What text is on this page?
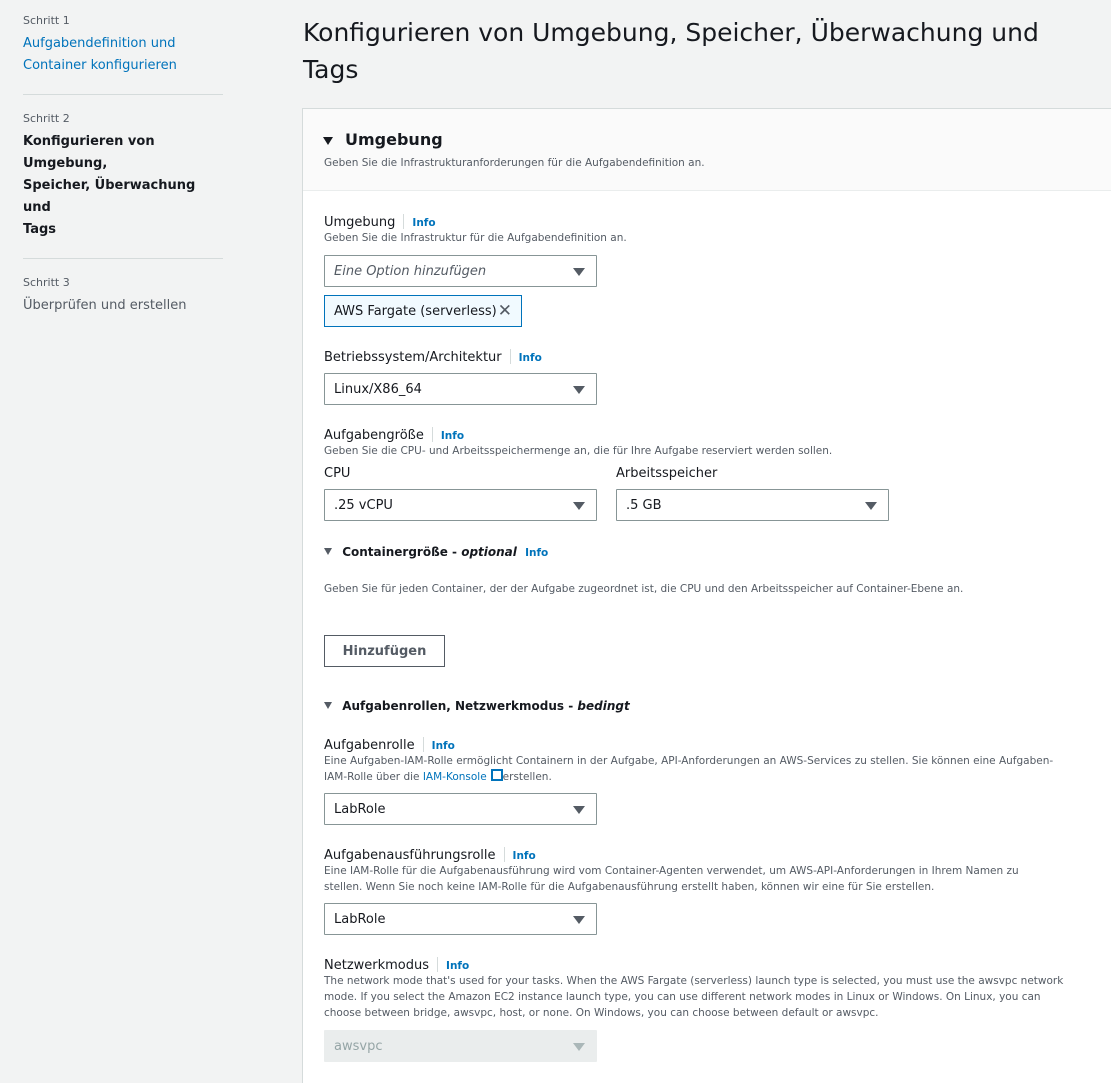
Schritt 1
Aufgabendefinition und
Container konfigurieren
Schritt 2
Konfigurieren von Umgebung,
Speicher, Überwachung und
Tags
Schritt 3
Überprüfen und erstellen
Konfigurieren von Umgebung, Speicher, Überwachung und
Tags
Umgebung
Geben Sie die Infrastrukturanforderungen für die Aufgabendefinition an.
Umgebung Info
Geben Sie die Infrastruktur für die Aufgabendefinition an.
Eine Option hinzufügen
AWS Fargate (serverless) ✕
Betriebssystem/Architektur Info
Linux/X86_64
Aufgabengröße Info
Geben Sie die CPU- und Arbeitsspeichermenge an, die für Ihre Aufgabe reserviert werden sollen.
CPU
.25 vCPU
Arbeitsspeicher
.5 GB
Containergröße - optional Info
Geben Sie für jeden Container, der der Aufgabe zugeordnet ist, die CPU und den Arbeitsspeicher auf Container-Ebene an.
Hinzufügen
Aufgabenrollen, Netzwerkmodus - bedingt
Aufgabenrolle Info
Eine Aufgaben-IAM-Rolle ermöglicht Containern in der Aufgabe, API-Anforderungen an AWS-Services zu stellen. Sie können eine Aufgaben-
IAM-Rolle über die IAM-Konsole erstellen.
LabRole
Aufgabenausführungsrolle Info
Eine IAM-Rolle für die Aufgabenausführung wird vom Container-Agenten verwendet, um AWS-API-Anforderungen in Ihrem Namen zu
stellen. Wenn Sie noch keine IAM-Rolle für die Aufgabenausführung erstellt haben, können wir eine für Sie erstellen.
LabRole
Netzwerkmodus Info
The network mode that's used for your tasks. When the AWS Fargate (serverless) launch type is selected, you must use the awsvpc network
mode. If you select the Amazon EC2 instance launch type, you can use different network modes in Linux or Windows. On Linux, you can
choose between bridge, awsvpc, host, or none. On Windows, you can choose between default or awsvpc.
awsvpc
